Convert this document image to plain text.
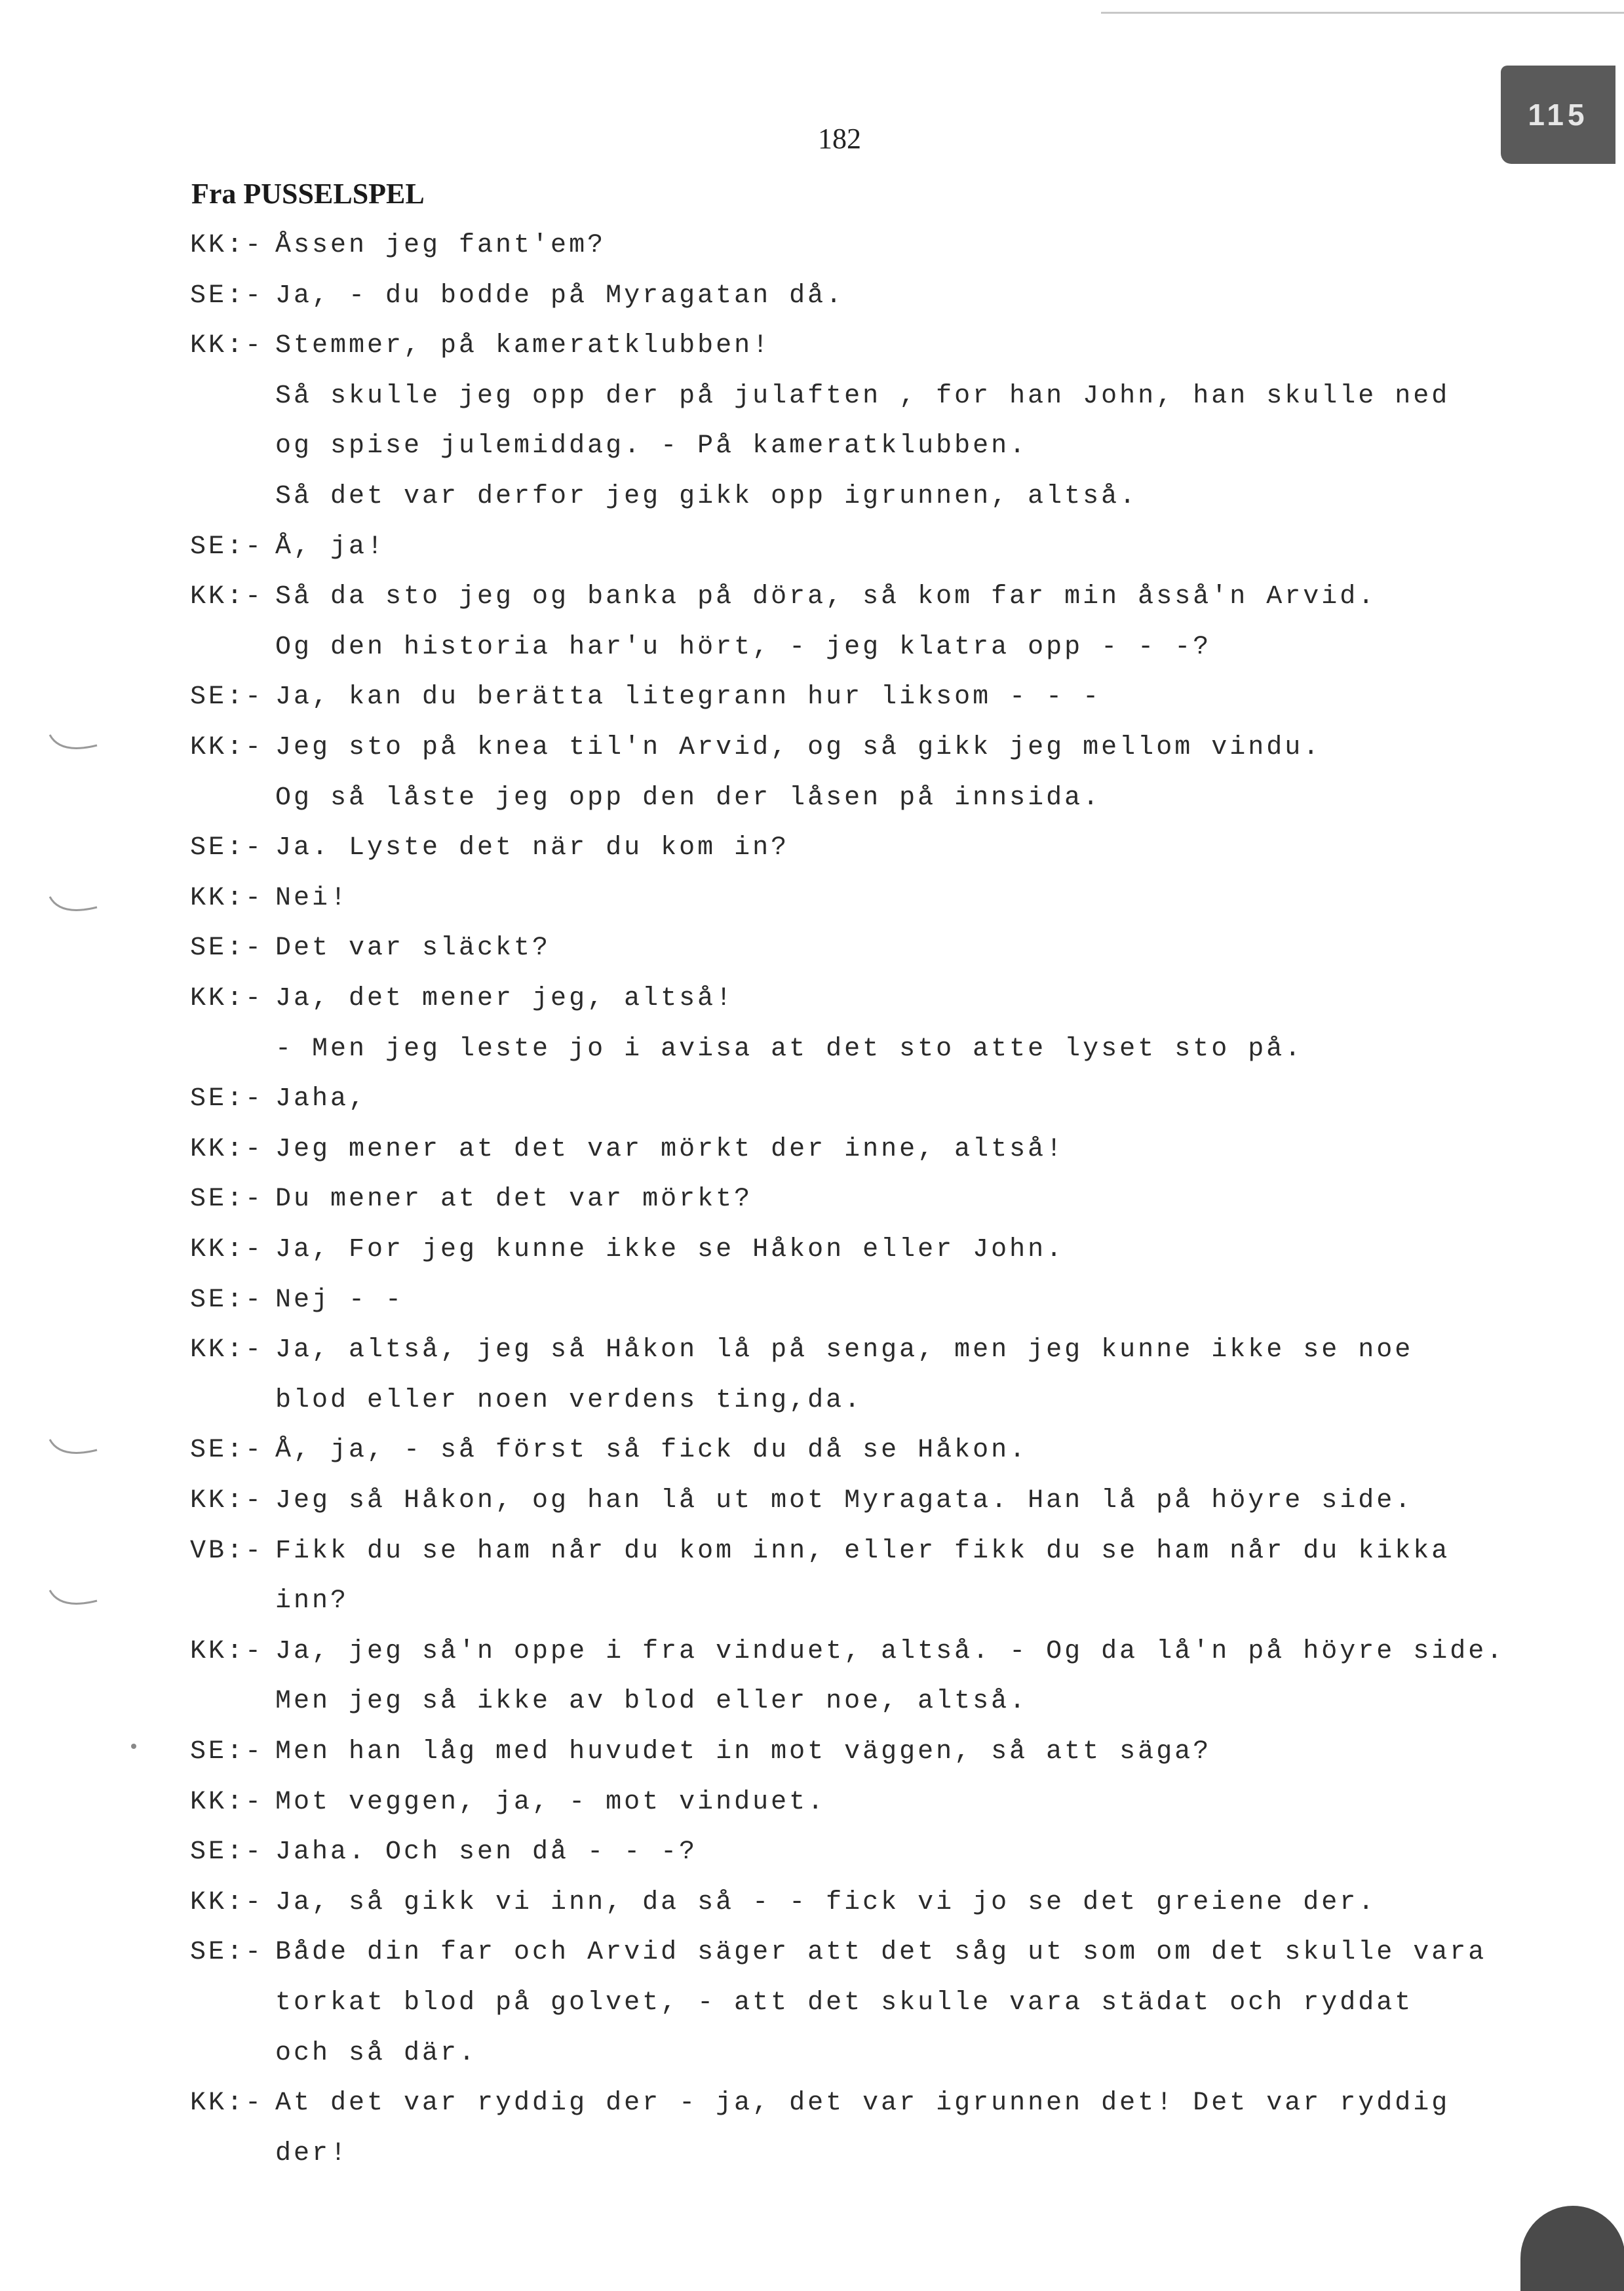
115
182
Fra PUSSELSPEL
KK:- Åssen jeg fant'em?
SE:- Ja, - du bodde på Myragatan då.
KK:- Stemmer, på kameratklubben!
Så skulle jeg opp der på julaften , for han John, han skulle ned
og spise julemiddag. - På kameratklubben.
Så det var derfor jeg gikk opp igrunnen, altså.
SE:- Å, ja!
KK:- Så da sto jeg og banka på döra, så kom far min åsså'n Arvid.
Og den historia har'u hört, - jeg klatra opp - - -?
SE:- Ja, kan du berätta litegrann hur liksom - - -
KK:- Jeg sto på knea til'n Arvid, og så gikk jeg mellom vindu.
Og så låste jeg opp den der låsen på innsida.
SE:- Ja. Lyste det när du kom in?
KK:- Nei!
SE:- Det var släckt?
KK:- Ja, det mener jeg, altså!
- Men jeg leste jo i avisa at det sto atte lyset sto på.
SE:- Jaha,
KK:- Jeg mener at det var mörkt der inne, altså!
SE:- Du mener at det var mörkt?
KK:- Ja, For jeg kunne ikke se Håkon eller John.
SE:- Nej - -
KK:- Ja, altså, jeg så Håkon lå på senga, men jeg kunne ikke se noe
blod eller noen verdens ting,da.
SE:- Å, ja, - så först så fick du då se Håkon.
KK:- Jeg så Håkon, og han lå ut mot Myragata. Han lå på höyre side.
VB:- Fikk du se ham når du kom inn, eller fikk du se ham når du kikka
inn?
KK:- Ja, jeg så'n oppe i fra vinduet, altså. - Og da lå'n på höyre side.
Men jeg så ikke av blod eller noe, altså.
SE:- Men han låg med huvudet in mot väggen, så att säga?
KK:- Mot veggen, ja, - mot vinduet.
SE:- Jaha. Och sen då - - -?
KK:- Ja, så gikk vi inn, da så - - fick vi jo se det greiene der.
SE:- Både din far och Arvid säger att det såg ut som om det skulle vara
torkat blod på golvet, - att det skulle vara städat och ryddat
och så där.
KK:- At det var ryddig der - ja, det var igrunnen det! Det var ryddig
der!
